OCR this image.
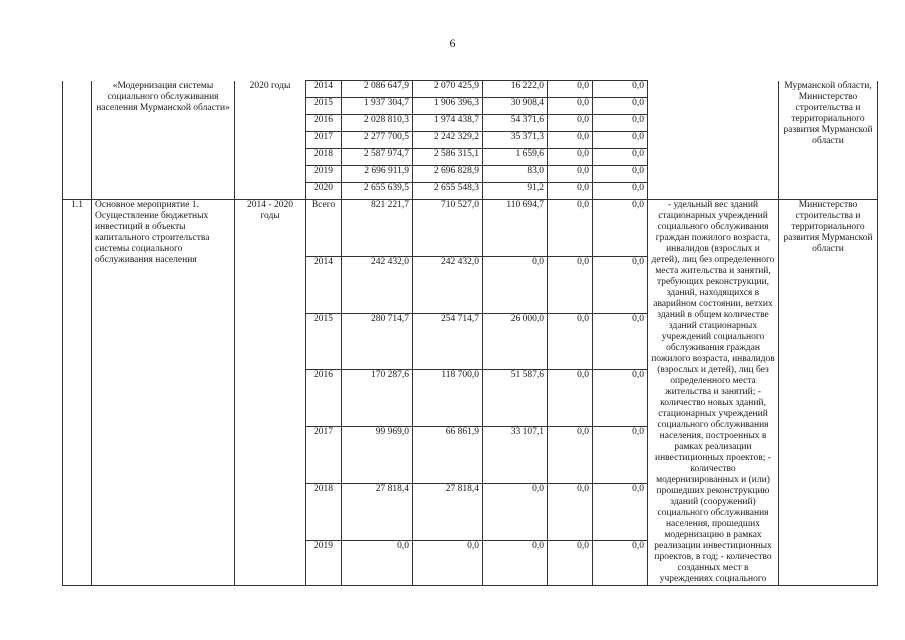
6
	«Модернизация системы социального обслуживания населения Мурманской области»	2020 годы	2014	2 086 647,9	2 070 425,9	16 222,0	0,0	0,0		Мурманской области, Министерство строительства и территориального развития Мурманской области
			2015	1 937 304,7	1 906 396,3	30 908,4	0,0	0,0		
			2016	2 028 810,3	1 974 438,7	54 371,6	0,0	0,0		
			2017	2 277 700,5	2 242 329,2	35 371,3	0,0	0,0		
			2018	2 587 974,7	2 586 315,1	1 659,6	0,0	0,0		
			2019	2 696 911,9	2 696 828,9	83,0	0,0	0,0		
			2020	2 655 639,5	2 655 548,3	91,2	0,0	0,0		
1.1	Основное мероприятие 1. Осуществление бюджетных инвестиций в объекты капитального строительства системы социального обслуживания населения	2014 - 2020 годы	Всего	821 221,7	710 527,0	110 694,7	0,0	0,0	- удельный вес зданий стационарных учреждений социального обслуживания граждан пожилого возраста, инвалидов (взрослых и детей), лиц без определенного места жительства и занятий, требующих реконструкции, зданий, находящихся в аварийном состоянии, ветхих зданий в общем количестве зданий стационарных учреждений социального обслуживания граждан пожилого возраста, инвалидов (взрослых и детей), лиц без определенного места жительства и занятий; - количество новых зданий, стационарных учреждений социального обслуживания населения, построенных в рамках реализации инвестиционных проектов; - количество модернизированных и (или) прошедших реконструкцию зданий (сооружений) социального обслуживания населения, прошедших модернизацию в рамках реализации инвестиционных проектов, в год; - количество созданных мест в учреждениях социального	Министерство строительства и территориального развития Мурманской области
			2014	242 432,0	242 432,0	0,0	0,0	0,0		
			2015	280 714,7	254 714,7	26 000,0	0,0	0,0		
			2016	170 287,6	118 700,0	51 587,6	0,0	0,0		
			2017	99 969,0	66 861,9	33 107,1	0,0	0,0		
			2018	27 818,4	27 818,4	0,0	0,0	0,0		
			2019	0,0	0,0	0,0	0,0	0,0		
